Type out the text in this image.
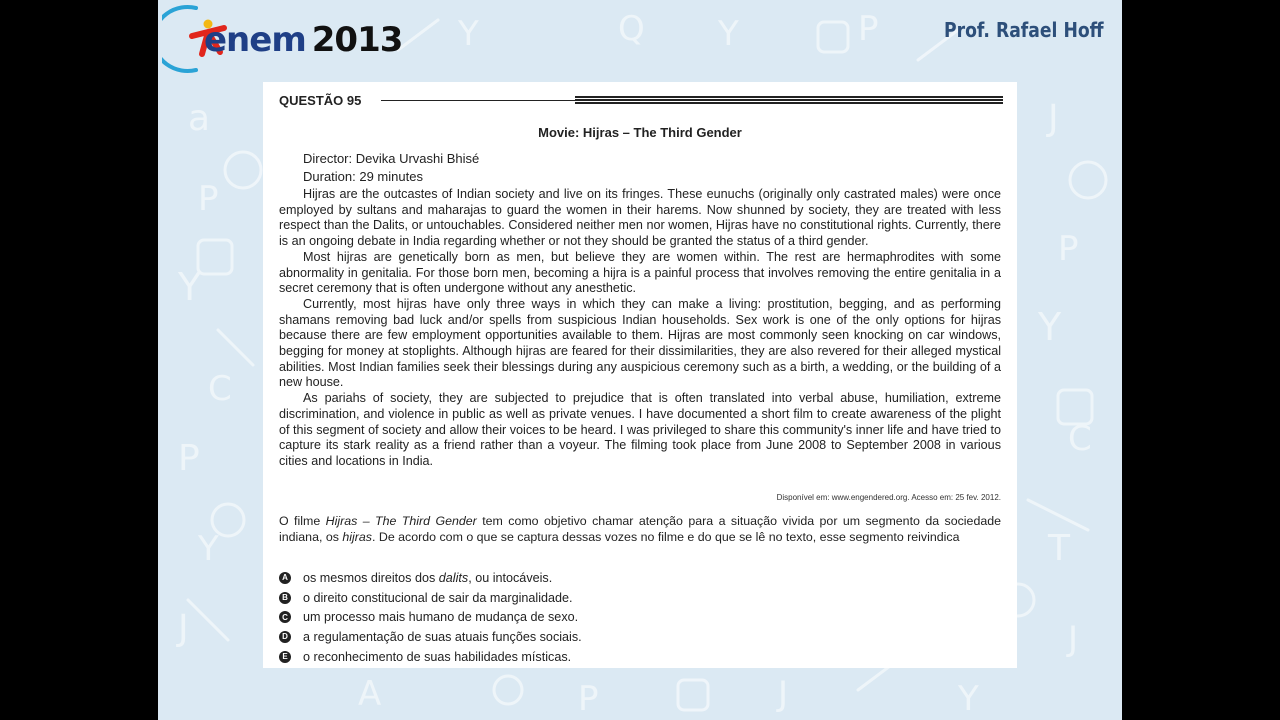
a
P
Y
C
P
Y
J
J
P
Y
C
T
J
Y	Q Y	P
A	P	J	Y
enem 2013	Prof. Rafael Hoff
QUESTÃO 95
Movie: Hijras – The Third Gender
Director: Devika Urvashi Bhisé
Duration: 29 minutes

Hijras are the outcastes of Indian society and live on its fringes. These eunuchs (originally only castrated males) were once employed by sultans and maharajas to guard the women in their harems. Now shunned by society, they are treated with less respect than the Dalits, or untouchables. Considered neither men nor women, Hijras have no constitutional rights. Currently, there is an ongoing debate in India regarding whether or not they should be granted the status of a third gender.

Most hijras are genetically born as men, but believe they are women within. The rest are hermaphrodites with some abnormality in genitalia. For those born men, becoming a hijra is a painful process that involves removing the entire genitalia in a secret ceremony that is often undergone without any anesthetic.

Currently, most hijras have only three ways in which they can make a living: prostitution, begging, and as performing shamans removing bad luck and/or spells from suspicious Indian households. Sex work is one of the only options for hijras because there are few employment opportunities available to them. Hijras are most commonly seen knocking on car windows, begging for money at stoplights. Although hijras are feared for their dissimilarities, they are also revered for their alleged mystical abilities. Most Indian families seek their blessings during any auspicious ceremony such as a birth, a wedding, or the building of a new house.

As pariahs of society, they are subjected to prejudice that is often translated into verbal abuse, humiliation, extreme discrimination, and violence in public as well as private venues. I have documented a short film to create awareness of the plight of this segment of society and allow their voices to be heard. I was privileged to share this community's inner life and have tried to capture its stark reality as a friend rather than a voyeur. The filming took place from June 2008 to September 2008 in various cities and locations in India.

Disponível em: www.engendered.org. Acesso em: 25 fev. 2012.
O filme Hijras – The Third Gender tem como objetivo chamar atenção para a situação vivida por um segmento da sociedade indiana, os hijras. De acordo com o que se captura dessas vozes no filme e do que se lê no texto, esse segmento reivindica
A os mesmos direitos dos dalits, ou intocáveis.
B o direito constitucional de sair da marginalidade.
C um processo mais humano de mudança de sexo.
D a regulamentação de suas atuais funções sociais.
E o reconhecimento de suas habilidades místicas.
